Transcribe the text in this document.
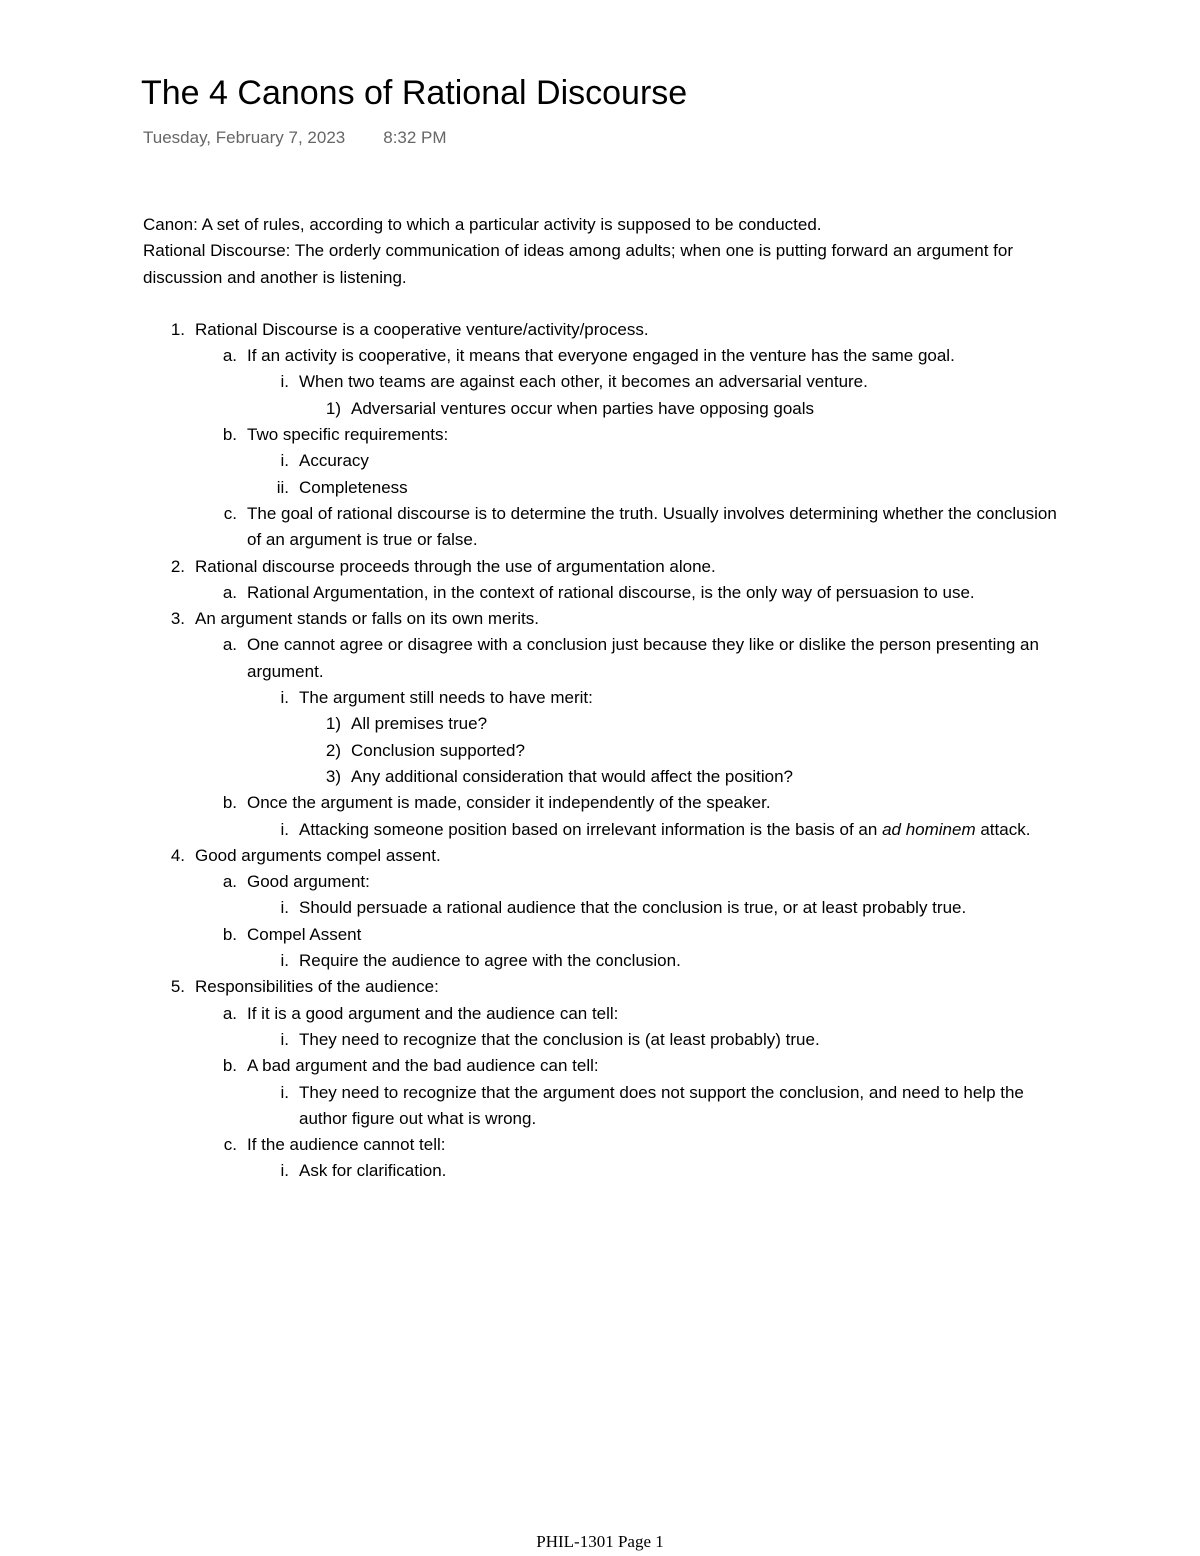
The 4 Canons of Rational Discourse
Tuesday, February 7, 2023 8:32 PM

Canon: A set of rules, according to which a particular activity is supposed to be conducted.

Rational Discourse: The orderly communication of ideas among adults; when one is putting forward an argument for discussion and another is listening.

1. Rational Discourse is a cooperative venture/activity/process.
a. If an activity is cooperative, it means that everyone engaged in the venture has the same goal.
i. When two teams are against each other, it becomes an adversarial venture.
1) Adversarial ventures occur when parties have opposing goals
b. Two specific requirements:
i. Accuracy
ii. Completeness
c. The goal of rational discourse is to determine the truth. Usually involves determining whether the conclusion of an argument is true or false.
2. Rational discourse proceeds through the use of argumentation alone.
a. Rational Argumentation, in the context of rational discourse, is the only way of persuasion to use.
3. An argument stands or falls on its own merits.
a. One cannot agree or disagree with a conclusion just because they like or dislike the person presenting an argument.
i. The argument still needs to have merit:
1) All premises true?
2) Conclusion supported?
3) Any additional consideration that would affect the position?
b. Once the argument is made, consider it independently of the speaker.
i. Attacking someone position based on irrelevant information is the basis of an ad hominem attack.
4. Good arguments compel assent.
a. Good argument:
i. Should persuade a rational audience that the conclusion is true, or at least probably true.
b. Compel Assent
i. Require the audience to agree with the conclusion.
5. Responsibilities of the audience:
a. If it is a good argument and the audience can tell:
i. They need to recognize that the conclusion is (at least probably) true.
b. A bad argument and the bad audience can tell:
i. They need to recognize that the argument does not support the conclusion, and need to help the author figure out what is wrong.
c. If the audience cannot tell:
i. Ask for clarification.
PHIL-1301 Page 1
